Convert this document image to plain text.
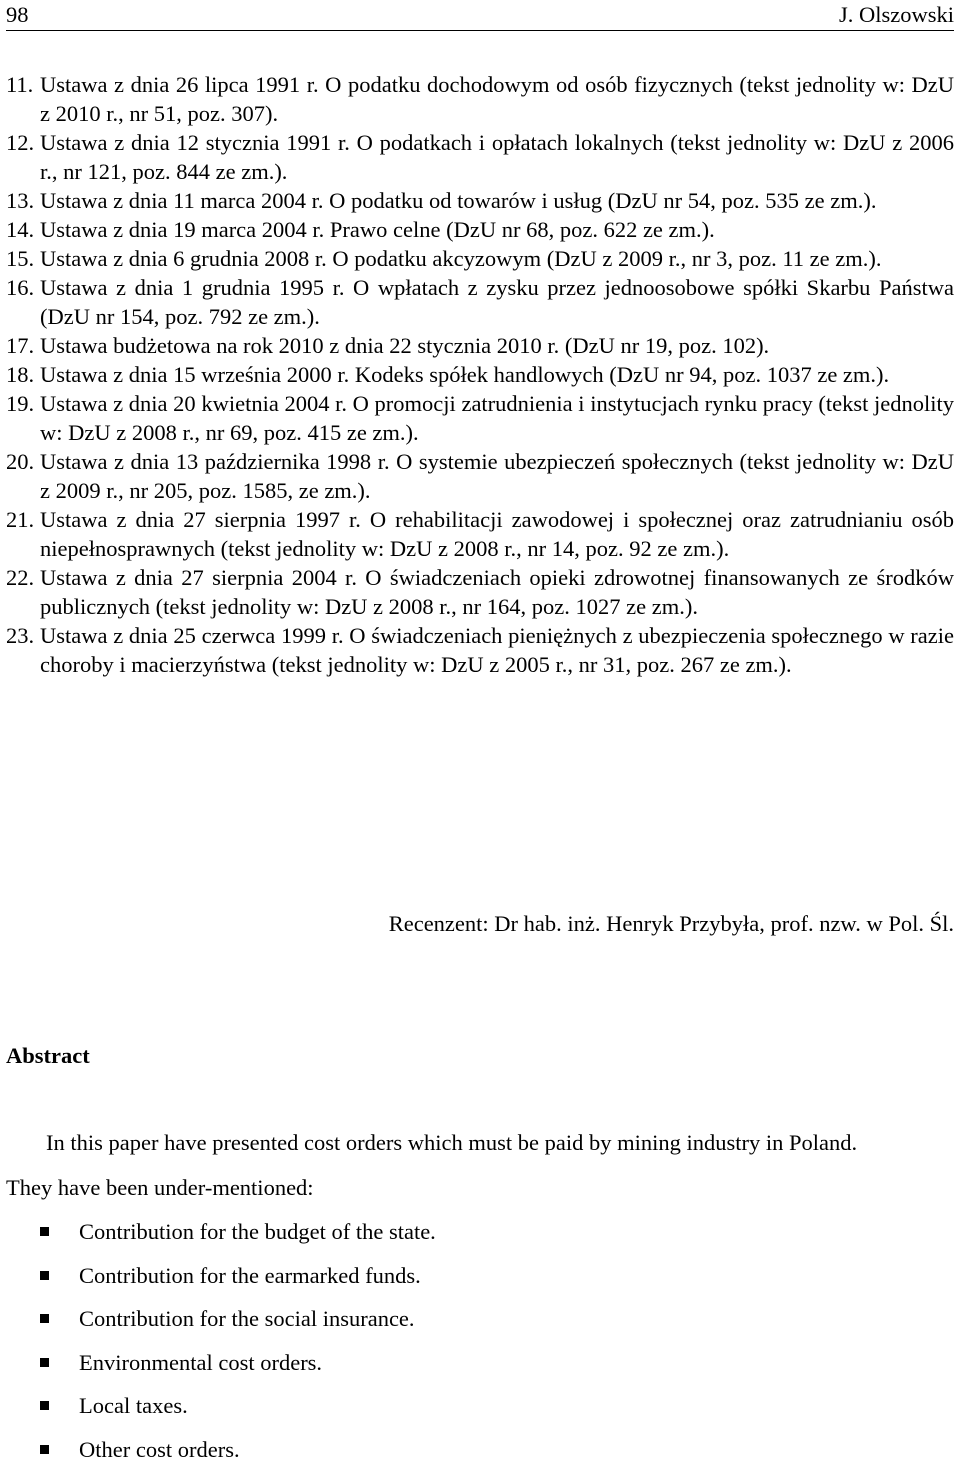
98	J. Olszowski
11. Ustawa z dnia 26 lipca 1991 r. O podatku dochodowym od osób fizycznych (tekst jednolity w: DzU z 2010 r., nr 51, poz. 307).
12. Ustawa z dnia 12 stycznia 1991 r. O podatkach i opłatach lokalnych (tekst jednolity w: DzU z 2006 r., nr 121, poz. 844 ze zm.).
13. Ustawa z dnia 11 marca 2004 r. O podatku od towarów i usług (DzU nr 54, poz. 535 ze zm.).
14. Ustawa z dnia 19 marca 2004 r. Prawo celne (DzU nr 68, poz. 622 ze zm.).
15. Ustawa z dnia 6 grudnia 2008 r. O podatku akcyzowym (DzU z 2009 r., nr 3, poz. 11 ze zm.).
16. Ustawa z dnia 1 grudnia 1995 r. O wpłatach z zysku przez jednoosobowe spółki Skarbu Państwa (DzU nr 154, poz. 792 ze zm.).
17. Ustawa budżetowa na rok 2010 z dnia 22 stycznia 2010 r. (DzU nr 19, poz. 102).
18. Ustawa z dnia 15 września 2000 r. Kodeks spółek handlowych (DzU nr 94, poz. 1037 ze zm.).
19. Ustawa z dnia 20 kwietnia 2004 r. O promocji zatrudnienia i instytucjach rynku pracy (tekst jednolity w: DzU z 2008 r., nr 69, poz. 415 ze zm.).
20. Ustawa z dnia 13 października 1998 r. O systemie ubezpieczeń społecznych (tekst jednolity w: DzU z 2009 r., nr 205, poz. 1585, ze zm.).
21. Ustawa z dnia 27 sierpnia 1997 r. O rehabilitacji zawodowej i społecznej oraz zatrudnianiu osób niepełnosprawnych (tekst jednolity w: DzU z 2008 r., nr 14, poz. 92 ze zm.).
22. Ustawa z dnia 27 sierpnia 2004 r. O świadczeniach opieki zdrowotnej finansowanych ze środków publicznych (tekst jednolity w: DzU z 2008 r., nr 164, poz. 1027 ze zm.).
23. Ustawa z dnia 25 czerwca 1999 r. O świadczeniach pieniężnych z ubezpieczenia społecznego w razie choroby i macierzyństwa (tekst jednolity w: DzU z 2005 r., nr 31, poz. 267 ze zm.).
Recenzent: Dr hab. inż. Henryk Przybyła, prof. nzw. w Pol. Śl.
Abstract
In this paper have presented cost orders which must be paid by mining industry in Poland.
They have been under-mentioned:
Contribution for the budget of the state.
Contribution for the earmarked funds.
Contribution for the social insurance.
Environmental cost orders.
Local taxes.
Other cost orders.
